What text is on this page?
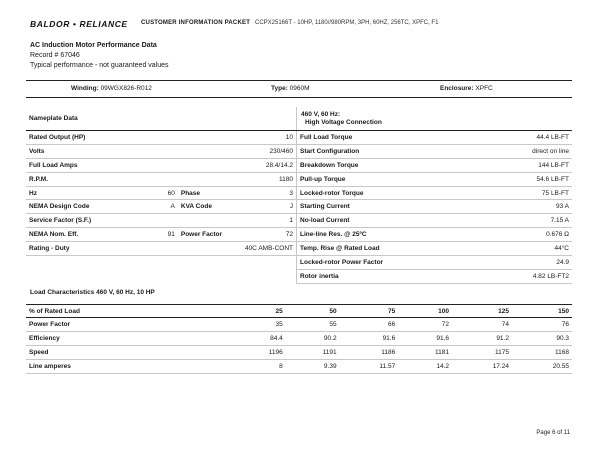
BALDOR • RELIANCE CUSTOMER INFORMATION PACKET CCPX25166T - 10HP, 1180//980RPM, 3PH, 60HZ, 256TC, XPFC, F1
AC Induction Motor Performance Data
Record # 67046
Typical performance - not guaranteed values
Winding: 09WGX826-R012	Type: 0960M	Enclosure: XPFC
Nameplate Data			
Rated Output (HP)			10
Volts			230/460
Full Load Amps			28.4/14.2
R.P.M.			1180
Hz	60	Phase	3
NEMA Design Code	A	KVA Code	J
Service Factor (S.F.)			1
NEMA Nom. Eff.	91	Power Factor	72
Rating - Duty			40C AMB-CONT
460 V, 60 Hz:
High Voltage Connection	

Full Load Torque	44.4 LB-FT
Start Configuration	direct on line
Breakdown Torque	144 LB-FT
Pull-up Torque	54.6 LB-FT
Locked-rotor Torque	75 LB-FT
Starting Current	93 A
No-load Current	7.15 A
Line-line Res. @ 25ºC	0.676 Ω
Temp. Rise @ Rated Load	44°C
Locked-rotor Power Factor	24.9
Rotor inertia	4.82 LB-FT2
Load Characteristics 460 V, 60 Hz, 10 HP
% of Rated Load	25	50	75	100	125	150
Power Factor	35	55	66	72	74	76
Efficiency	84.4	90.2	91.6	91.6	91.2	90.3
Speed	1196	1191	1186	1181	1175	1168
Line amperes	8	9.39	11.57	14.2	17.24	20.55
Page 6 of 11
